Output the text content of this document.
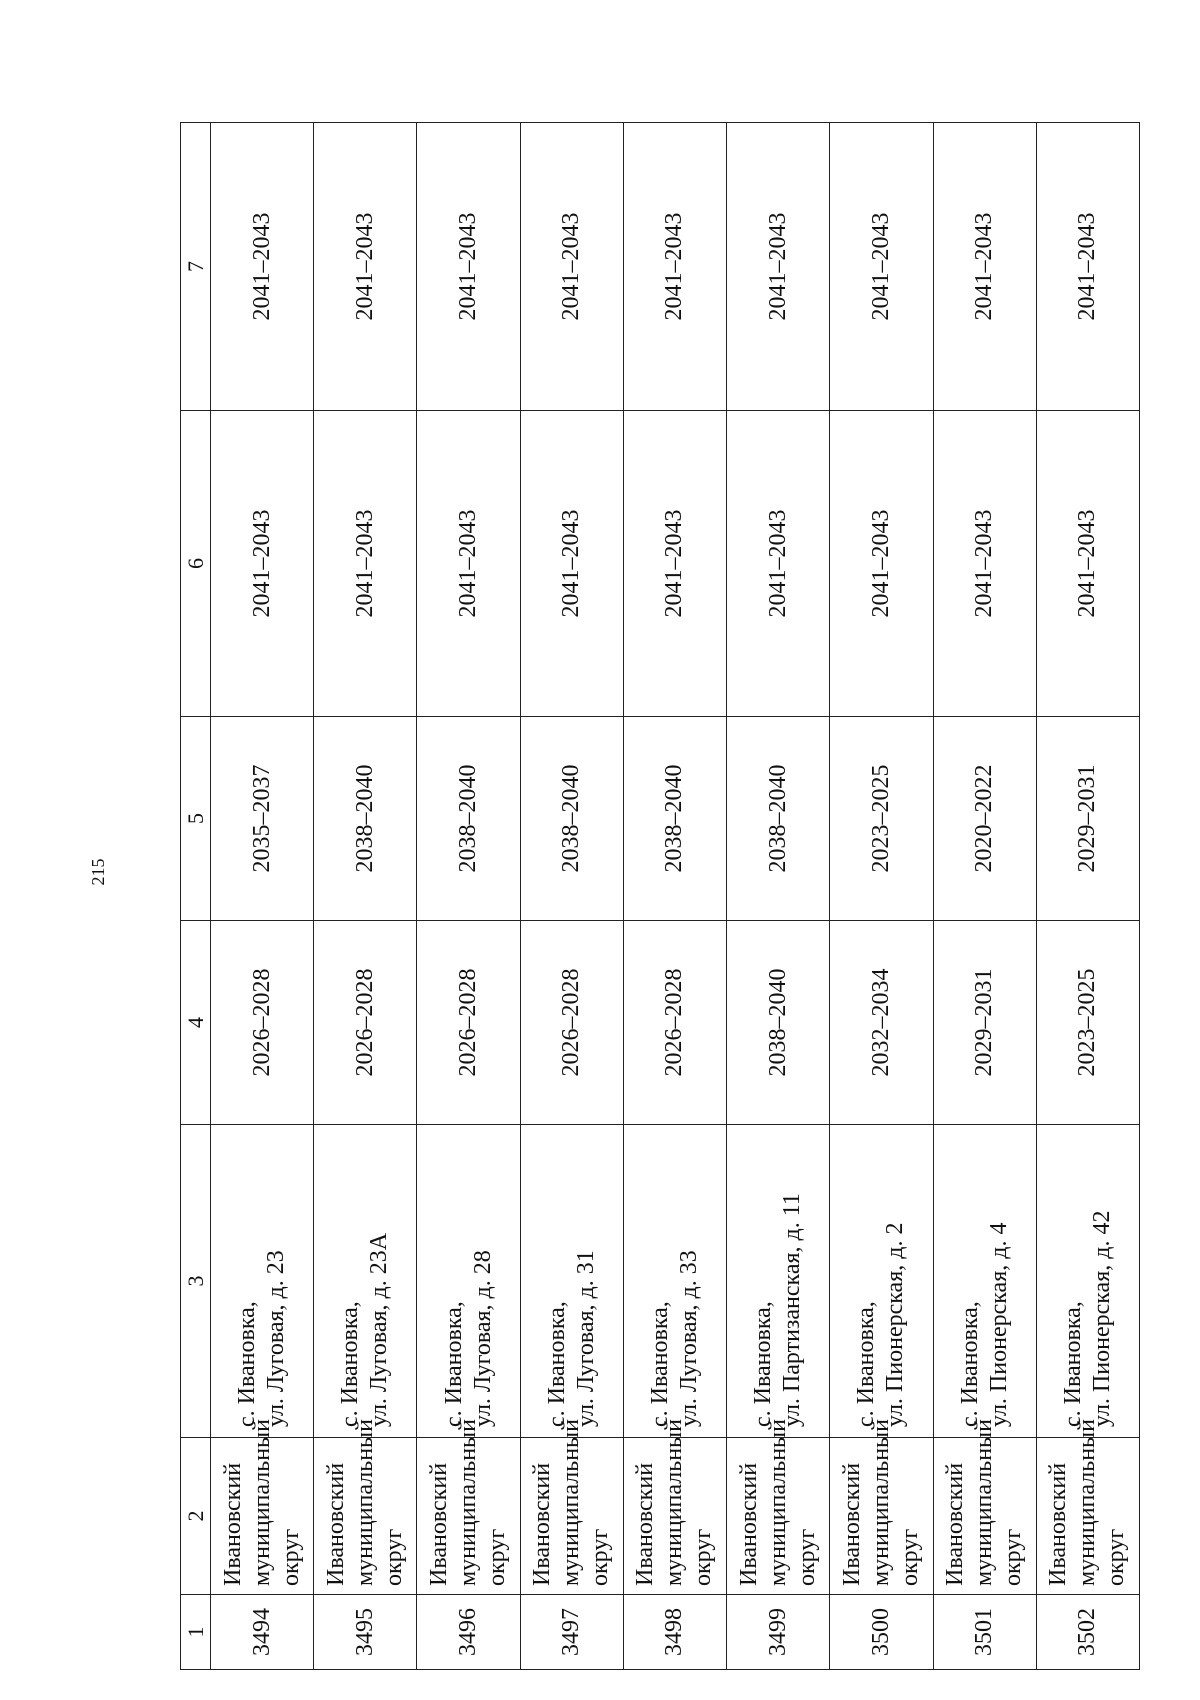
215
1	2	3	4	5	6	7
3494	Ивановский муниципальный округ	с. Ивановка, ул. Луговая, д. 23	2026–2028	2035–2037	2041–2043	2041–2043
3495	Ивановский муниципальный округ	с. Ивановка, ул. Луговая, д. 23А	2026–2028	2038–2040	2041–2043	2041–2043
3496	Ивановский муниципальный округ	с. Ивановка, ул. Луговая, д. 28	2026–2028	2038–2040	2041–2043	2041–2043
3497	Ивановский муниципальный округ	с. Ивановка, ул. Луговая, д. 31	2026–2028	2038–2040	2041–2043	2041–2043
3498	Ивановский муниципальный округ	с. Ивановка, ул. Луговая, д. 33	2026–2028	2038–2040	2041–2043	2041–2043
3499	Ивановский муниципальный округ	с. Ивановка, ул. Партизанская, д. 11	2038–2040	2038–2040	2041–2043	2041–2043
3500	Ивановский муниципальный округ	с. Ивановка, ул. Пионерская, д. 2	2032–2034	2023–2025	2041–2043	2041–2043
3501	Ивановский муниципальный округ	с. Ивановка, ул. Пионерская, д. 4	2029–2031	2020–2022	2041–2043	2041–2043
3502	Ивановский муниципальный округ	с. Ивановка, ул. Пионерская, д. 42	2023–2025	2029–2031	2041–2043	2041–2043
